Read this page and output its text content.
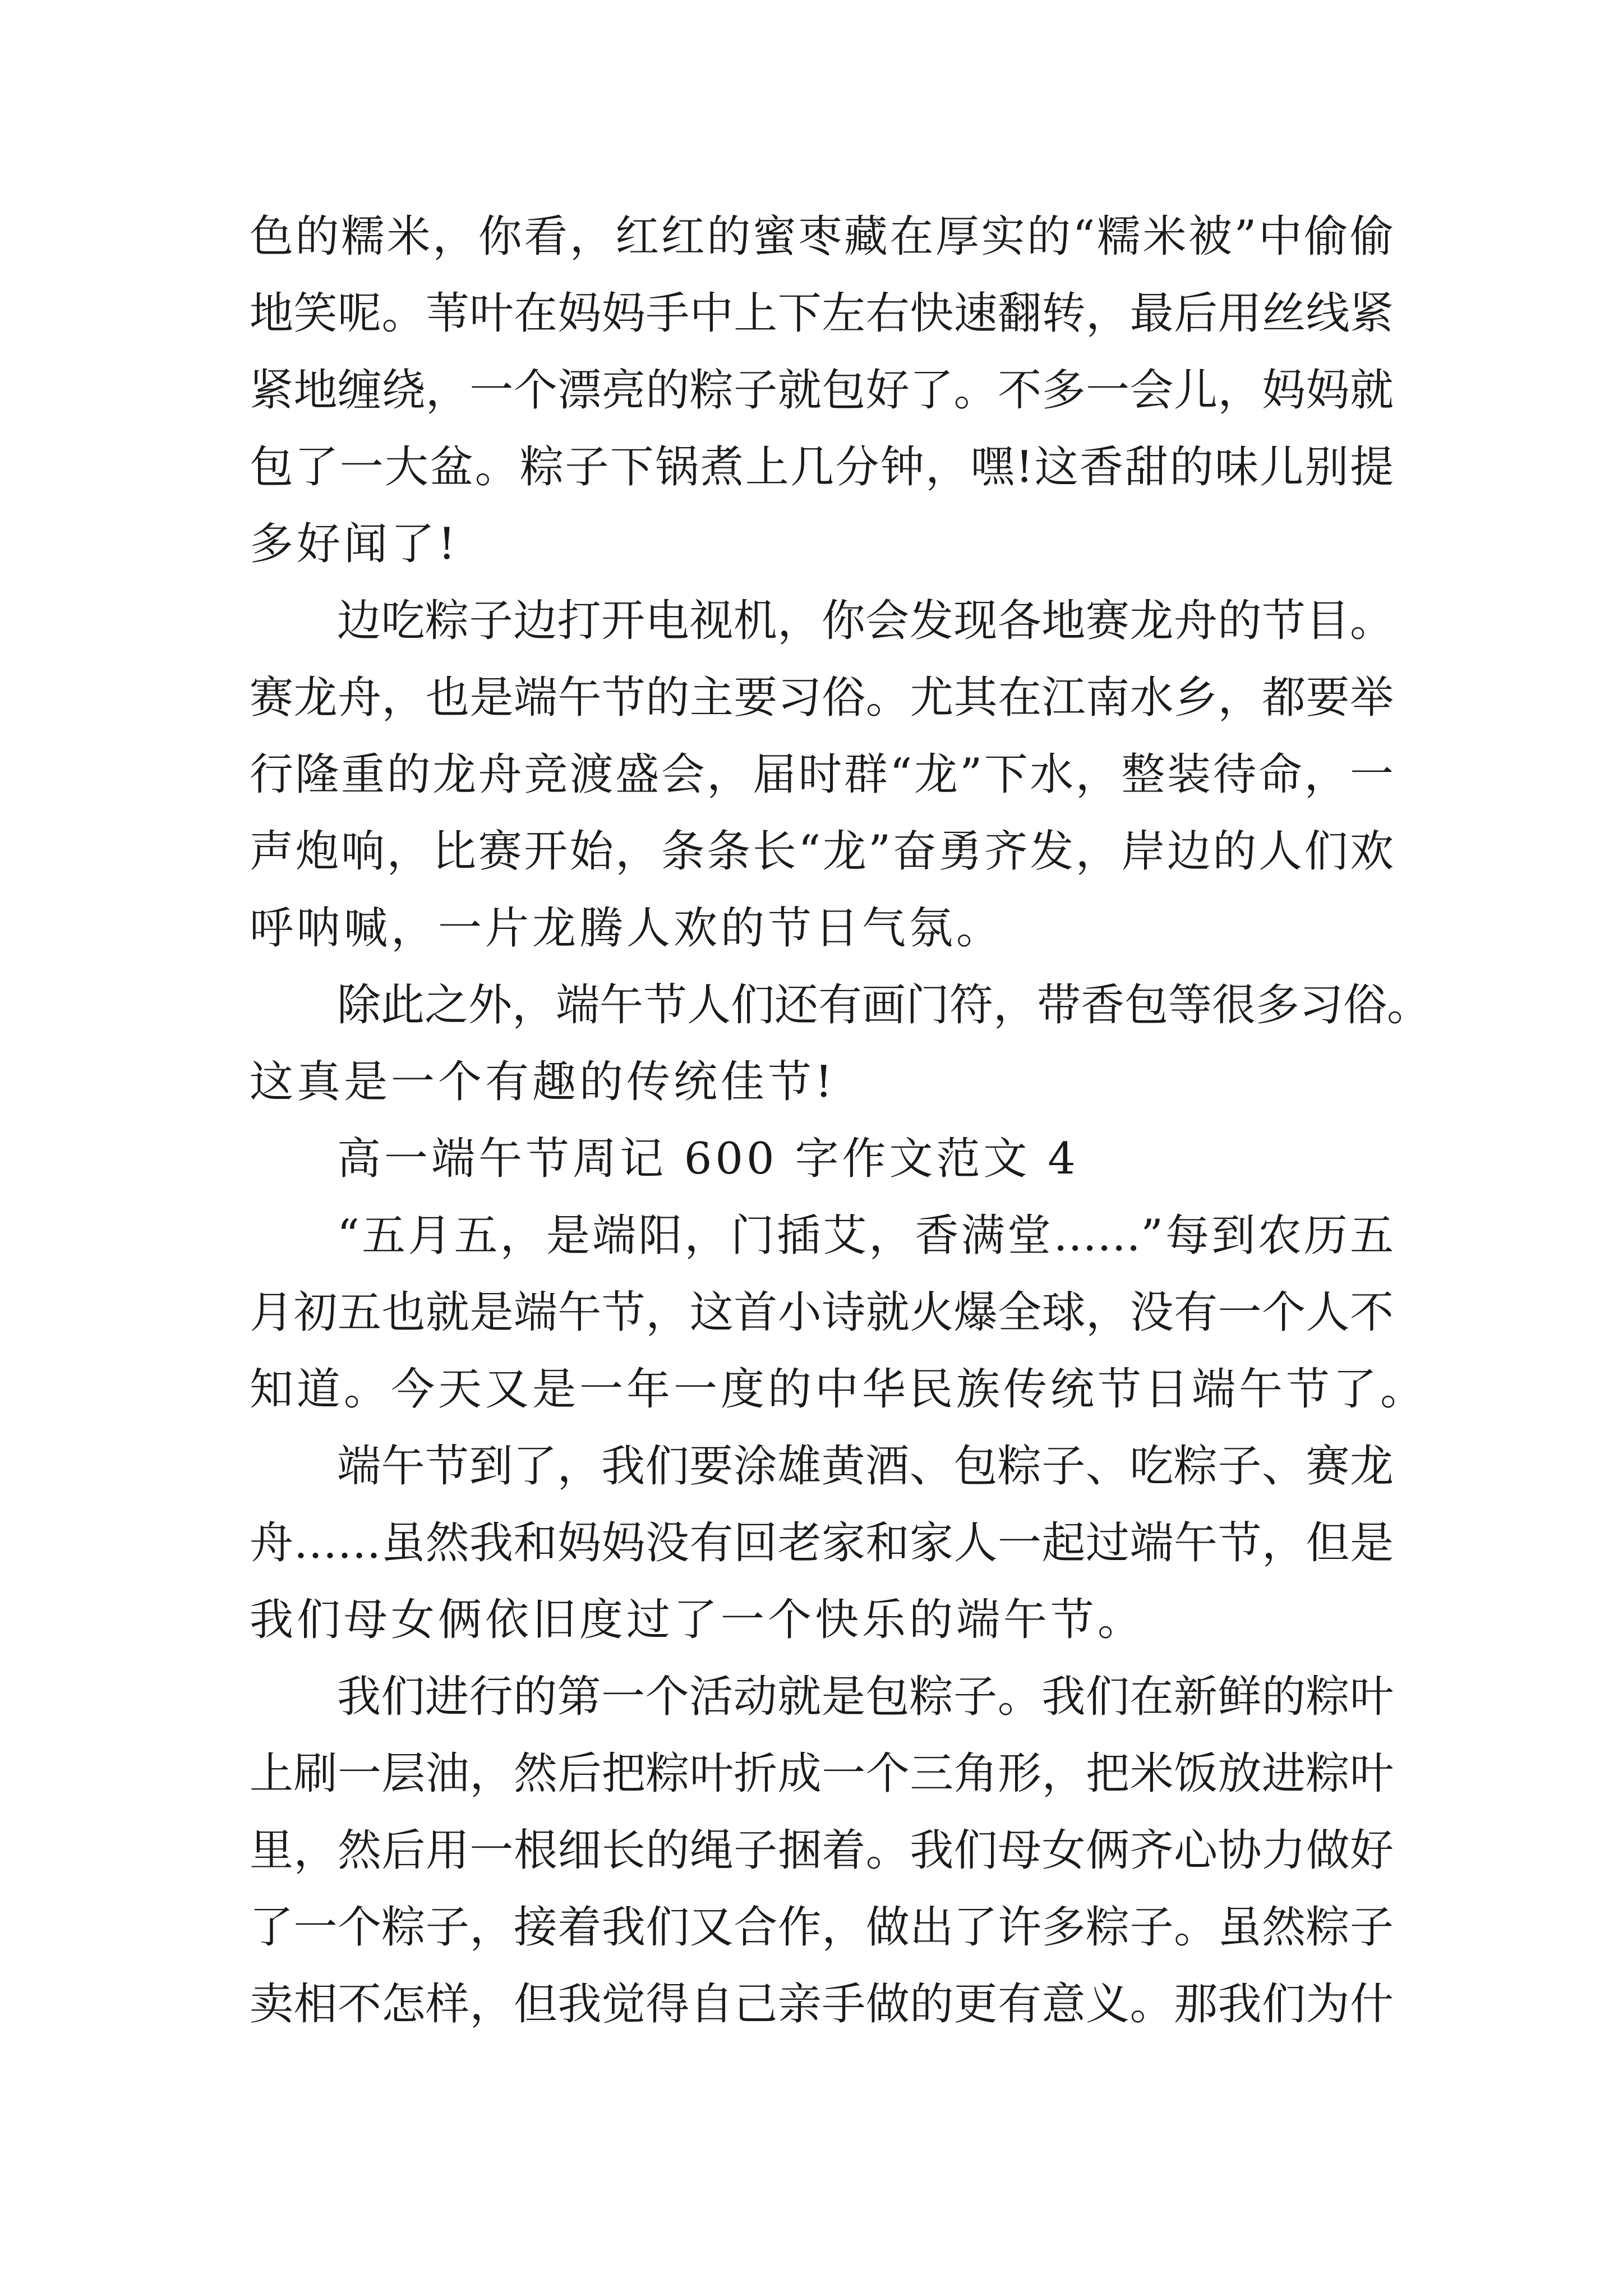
色的糯米，你看，红红的蜜枣藏在厚实的“糯米被”中偷偷
地笑呢。苇叶在妈妈手中上下左右快速翻转，最后用丝线紧
紧地缠绕，一个漂亮的粽子就包好了。不多一会儿，妈妈就
包了一大盆。粽子下锅煮上几分钟，嘿!这香甜的味儿别提
多好闻了!
边吃粽子边打开电视机，你会发现各地赛龙舟的节目。
赛龙舟，也是端午节的主要习俗。尤其在江南水乡，都要举
行隆重的龙舟竞渡盛会，届时群“龙”下水，整装待命，一
声炮响，比赛开始，条条长“龙”奋勇齐发，岸边的人们欢
呼呐喊，一片龙腾人欢的节日气氛。
除此之外，端午节人们还有画门符，带香包等很多习俗。
这真是一个有趣的传统佳节!
高一端午节周记 600 字作文范文 4
“五月五，是端阳，门插艾，香满堂……”每到农历五
月初五也就是端午节，这首小诗就火爆全球，没有一个人不
知道。今天又是一年一度的中华民族传统节日端午节了。
端午节到了，我们要涂雄黄酒、包粽子、吃粽子、赛龙
舟……虽然我和妈妈没有回老家和家人一起过端午节，但是
我们母女俩依旧度过了一个快乐的端午节。
我们进行的第一个活动就是包粽子。我们在新鲜的粽叶
上刷一层油，然后把粽叶折成一个三角形，把米饭放进粽叶
里，然后用一根细长的绳子捆着。我们母女俩齐心协力做好
了一个粽子，接着我们又合作，做出了许多粽子。虽然粽子
卖相不怎样，但我觉得自己亲手做的更有意义。那我们为什
